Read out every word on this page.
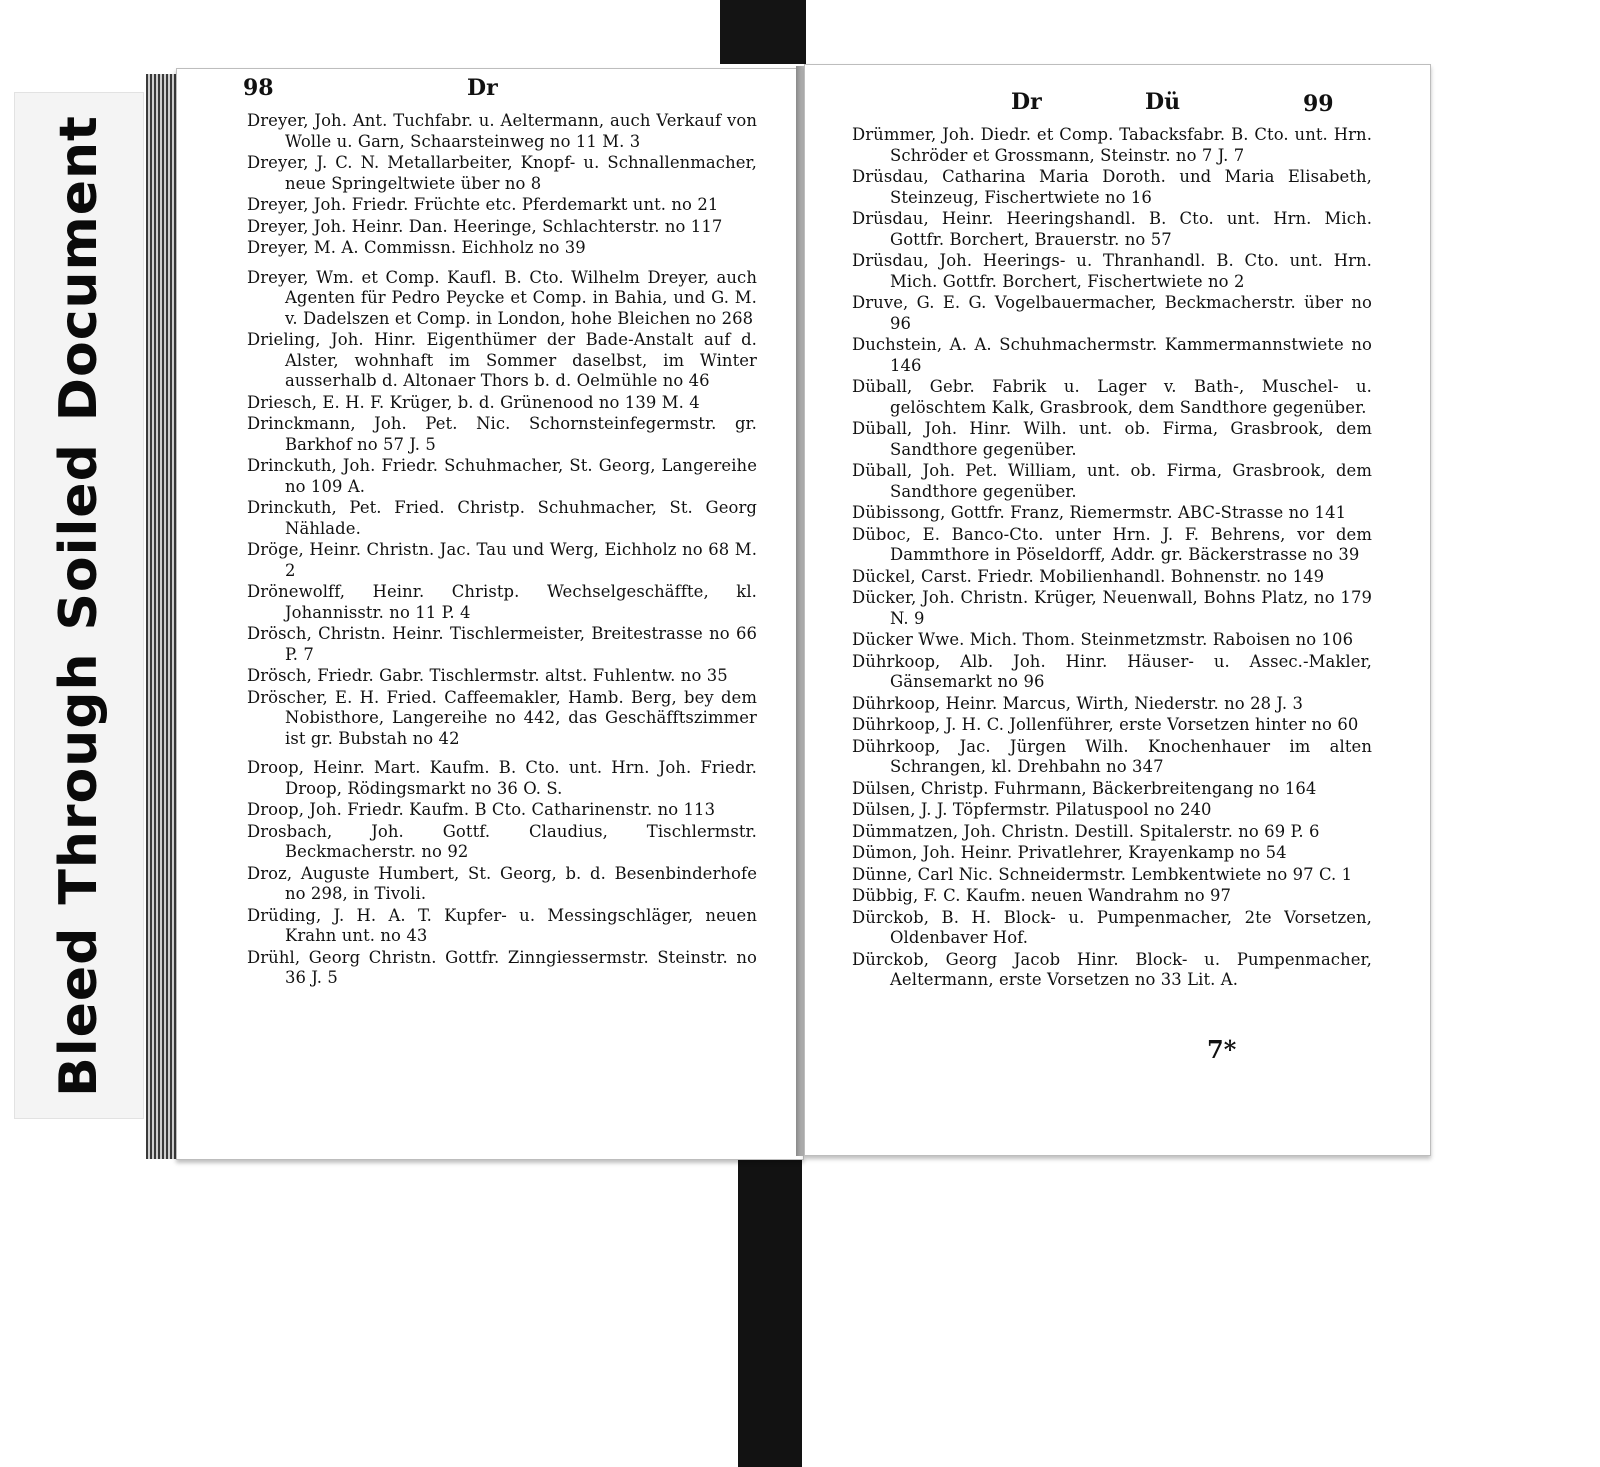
BleedThroughSoiledDocument
98	Dr
Dreyer, Joh. Ant. Tuchfabr. u. Aeltermann, auch Verkauf von Wolle u. Garn, Schaarsteinweg no 11 M. 3
Dreyer, J. C. N. Metallarbeiter, Knopf- u. Schnallenmacher, neue Springeltwiete über no 8
Dreyer, Joh. Friedr. Früchte etc. Pferdemarkt unt. no 21
Dreyer, Joh. Heinr. Dan. Heeringe, Schlachterstr. no 117
Dreyer, M. A. Commissn. Eichholz no 39
Dreyer, Wm. et Comp. Kaufl. B. Cto. Wilhelm Dreyer, auch Agenten für Pedro Peycke et Comp. in Bahia, und G. M. v. Dadelszen et Comp. in London, hohe Bleichen no 268
Drieling, Joh. Hinr. Eigenthümer der Bade-Anstalt auf d. Alster, wohnhaft im Sommer daselbst, im Winter ausserhalb d. Altonaer Thors b. d. Oelmühle no 46
Driesch, E. H. F. Krüger, b. d. Grünenood no 139 M. 4
Drinckmann, Joh. Pet. Nic. Schornsteinfegermstr. gr. Barkhof no 57 J. 5
Drinckuth, Joh. Friedr. Schuhmacher, St. Georg, Langereihe no 109 A.
Drinckuth, Pet. Fried. Christp. Schuhmacher, St. Georg Nählade.
Dröge, Heinr. Christn. Jac. Tau und Werg, Eichholz no 68 M. 2
Drönewolff, Heinr. Christp. Wechselgeschäffte, kl. Johannisstr. no 11 P. 4
Drösch, Christn. Heinr. Tischlermeister, Breitestrasse no 66 P. 7
Drösch, Friedr. Gabr. Tischlermstr. altst. Fuhlentw. no 35
Dröscher, E. H. Fried. Caffeemakler, Hamb. Berg, bey dem Nobisthore, Langereihe no 442, das Geschäfftszimmer ist gr. Bubstah no 42
Droop, Heinr. Mart. Kaufm. B. Cto. unt. Hrn. Joh. Friedr. Droop, Rödingsmarkt no 36 O. S.
Droop, Joh. Friedr. Kaufm. B Cto. Catharinenstr. no 113
Drosbach, Joh. Gottf. Claudius, Tischlermstr. Beckmacherstr. no 92
Droz, Auguste Humbert, St. Georg, b. d. Besenbinderhofe no 298, in Tivoli.
Drüding, J. H. A. T. Kupfer- u. Messingschläger, neuen Krahn unt. no 43
Drühl, Georg Christn. Gottfr. Zinngiessermstr. Steinstr. no 36 J. 5
Dr	Dü	99
Drümmer, Joh. Diedr. et Comp. Tabacksfabr. B. Cto. unt. Hrn. Schröder et Grossmann, Steinstr. no 7 J. 7
Drüsdau, Catharina Maria Doroth. und Maria Elisabeth, Steinzeug, Fischertwiete no 16
Drüsdau, Heinr. Heeringshandl. B. Cto. unt. Hrn. Mich. Gottfr. Borchert, Brauerstr. no 57
Drüsdau, Joh. Heerings- u. Thranhandl. B. Cto. unt. Hrn. Mich. Gottfr. Borchert, Fischertwiete no 2
Druve, G. E. G. Vogelbauermacher, Beckmacherstr. über no 96
Duchstein, A. A. Schuhmachermstr. Kammermannstwiete no 146
Düball, Gebr. Fabrik u. Lager v. Bath-, Muschel- u. gelöschtem Kalk, Grasbrook, dem Sandthore gegenüber.
Düball, Joh. Hinr. Wilh. unt. ob. Firma, Grasbrook, dem Sandthore gegenüber.
Düball, Joh. Pet. William, unt. ob. Firma, Grasbrook, dem Sandthore gegenüber.
Dübissong, Gottfr. Franz, Riemermstr. ABC-Strasse no 141
Düboc, E. Banco-Cto. unter Hrn. J. F. Behrens, vor dem Dammthore in Pöseldorff, Addr. gr. Bäckerstrasse no 39
Dückel, Carst. Friedr. Mobilienhandl. Bohnenstr. no 149
Dücker, Joh. Christn. Krüger, Neuenwall, Bohns Platz, no 179 N. 9
Dücker Wwe. Mich. Thom. Steinmetzmstr. Raboisen no 106
Dührkoop, Alb. Joh. Hinr. Häuser- u. Assec.-Makler, Gänsemarkt no 96
Dührkoop, Heinr. Marcus, Wirth, Niederstr. no 28 J. 3
Dührkoop, J. H. C. Jollenführer, erste Vorsetzen hinter no 60
Dührkoop, Jac. Jürgen Wilh. Knochenhauer im alten Schrangen, kl. Drehbahn no 347
Dülsen, Christp. Fuhrmann, Bäckerbreitengang no 164
Dülsen, J. J. Töpfermstr. Pilatuspool no 240
Dümmatzen, Joh. Christn. Destill. Spitalerstr. no 69 P. 6
Dümon, Joh. Heinr. Privatlehrer, Krayenkamp no 54
Dünne, Carl Nic. Schneidermstr. Lembkentwiete no 97 C. 1
Dübbig, F. C. Kaufm. neuen Wandrahm no 97
Dürckob, B. H. Block- u. Pumpenmacher, 2te Vorsetzen, Oldenbaver Hof.
Dürckob, Georg Jacob Hinr. Block- u. Pumpenmacher, Aeltermann, erste Vorsetzen no 33 Lit. A.
7*
